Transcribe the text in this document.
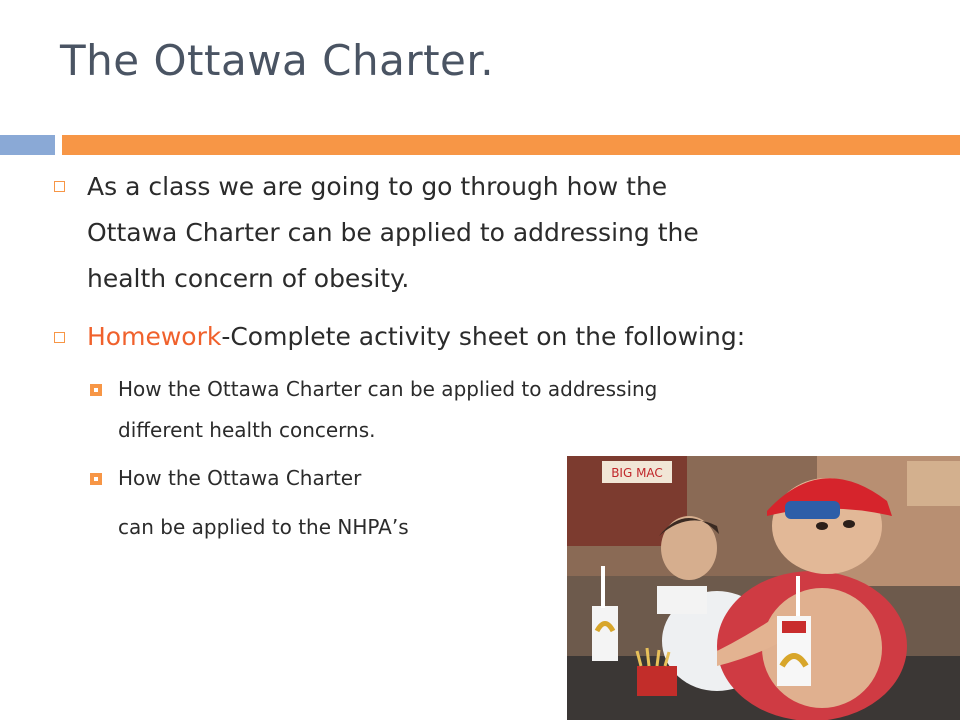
The Ottawa Charter.
As a class we are going to go through how the
Ottawa Charter can be applied to addressing the
health concern of obesity.
Homework-Complete activity sheet on the following:
How the Ottawa Charter can be applied to addressing
different health concerns.
How the Ottawa Charter
can be applied to the NHPA’s
BIG MAC
